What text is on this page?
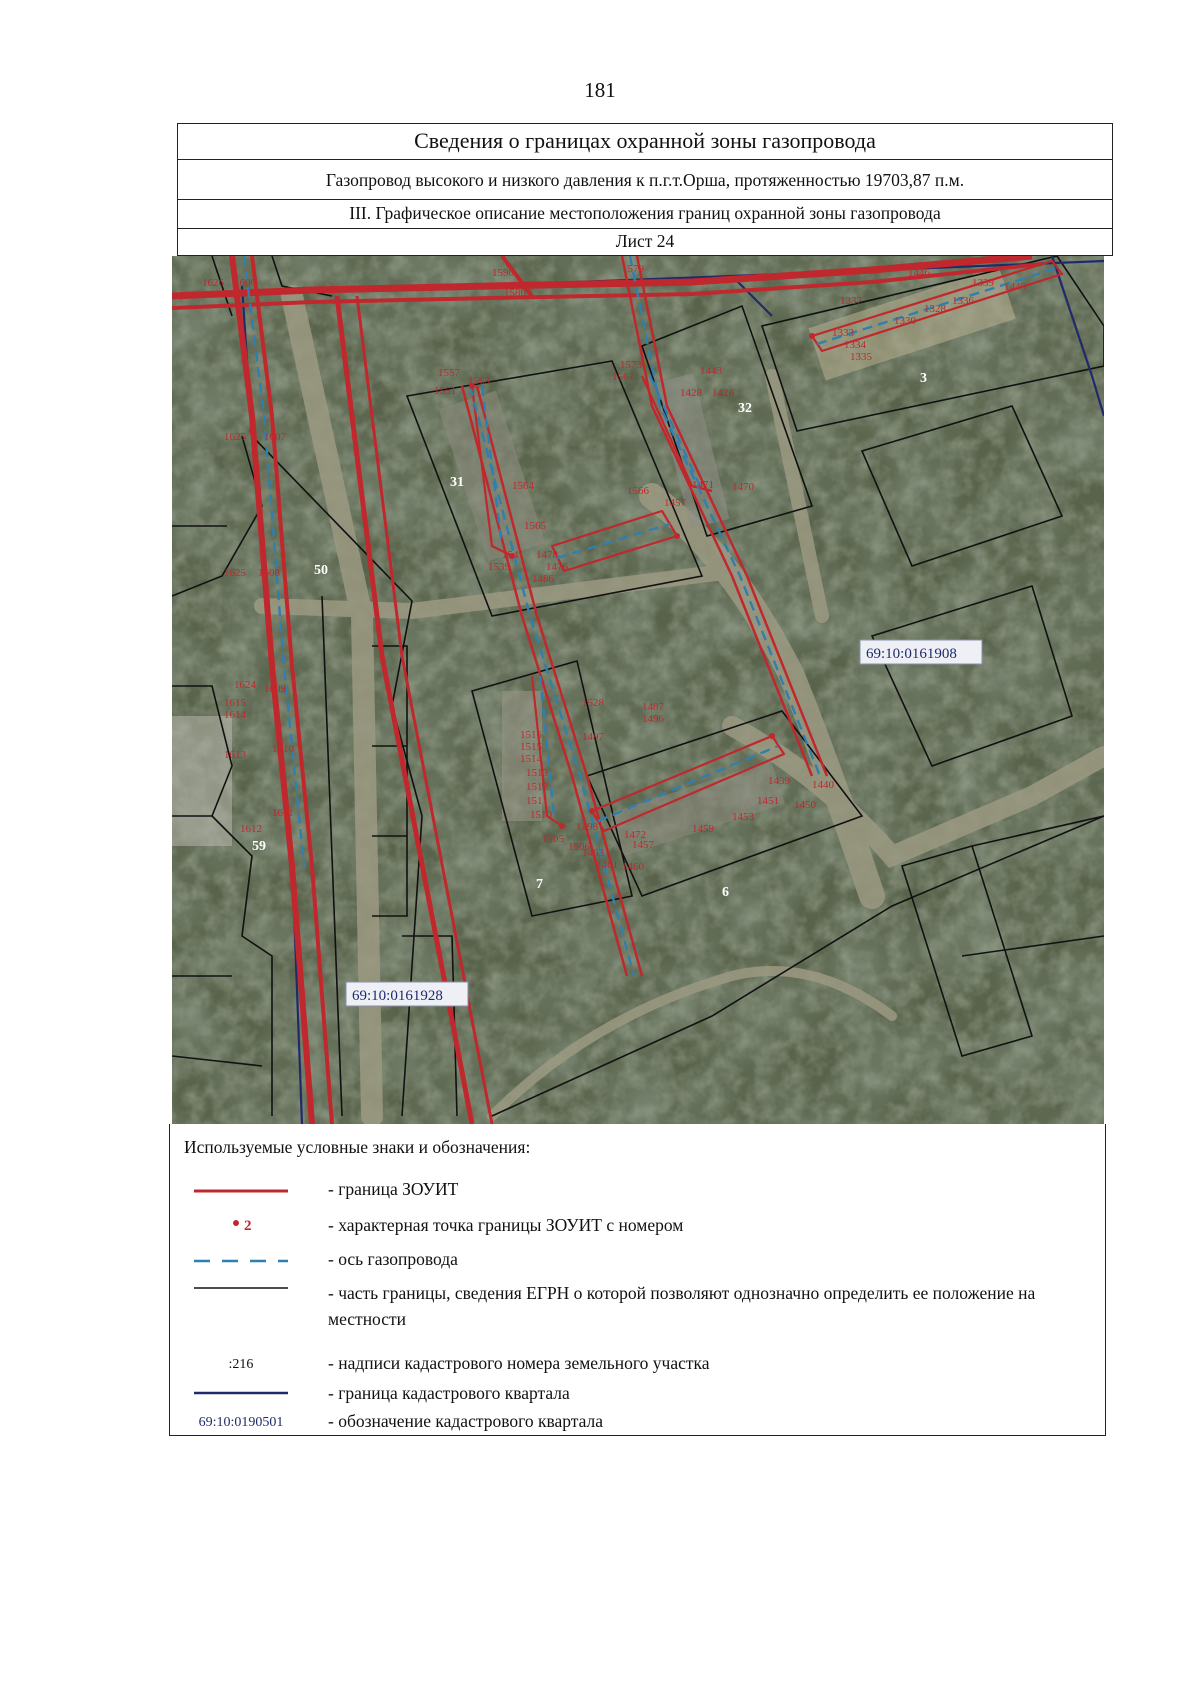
181
Сведения о границах охранной зоны газопровода
Газопровод высокого и низкого давления к п.г.т.Орша, протяженностью 19703,87 п.м.
III. Графическое описание местоположения границ охранной зоны газопровода
Лист 24
1590
1580
1579
1626 1606
1625 1607
1557
1563
1551
1573
1567
1564
1565
1566
1541
1539
1478
1476
1486
1625 1608
1624
1615
1614
1613
1612
1611
1609
1610
1528	1487
1496
1497
1498
1506
1505
1516
1515
1514
1513
1512
1511
1510
1472
1463
1461 1460
1457
1459
1453
1451 1450
1440
1439
1333
1334
1335
1337
1339
1330
1328
1336
1445
1446
1443
1426
1428
1470
1471
1457
3
31
32
50
59
7
6
69:10:0161908
69:10:0161928
Используемые условные знаки и обозначения:
- граница ЗОУИТ
2	- характерная точка границы ЗОУИТ с номером
- ось газопровода
- часть границы, сведения ЕГРН о которой позволяют однозначно определить ее положение на местности
:216	- надписи кадастрового номера земельного участка
- граница кадастрового квартала
69:10:0190501	- обозначение кадастрового квартала
